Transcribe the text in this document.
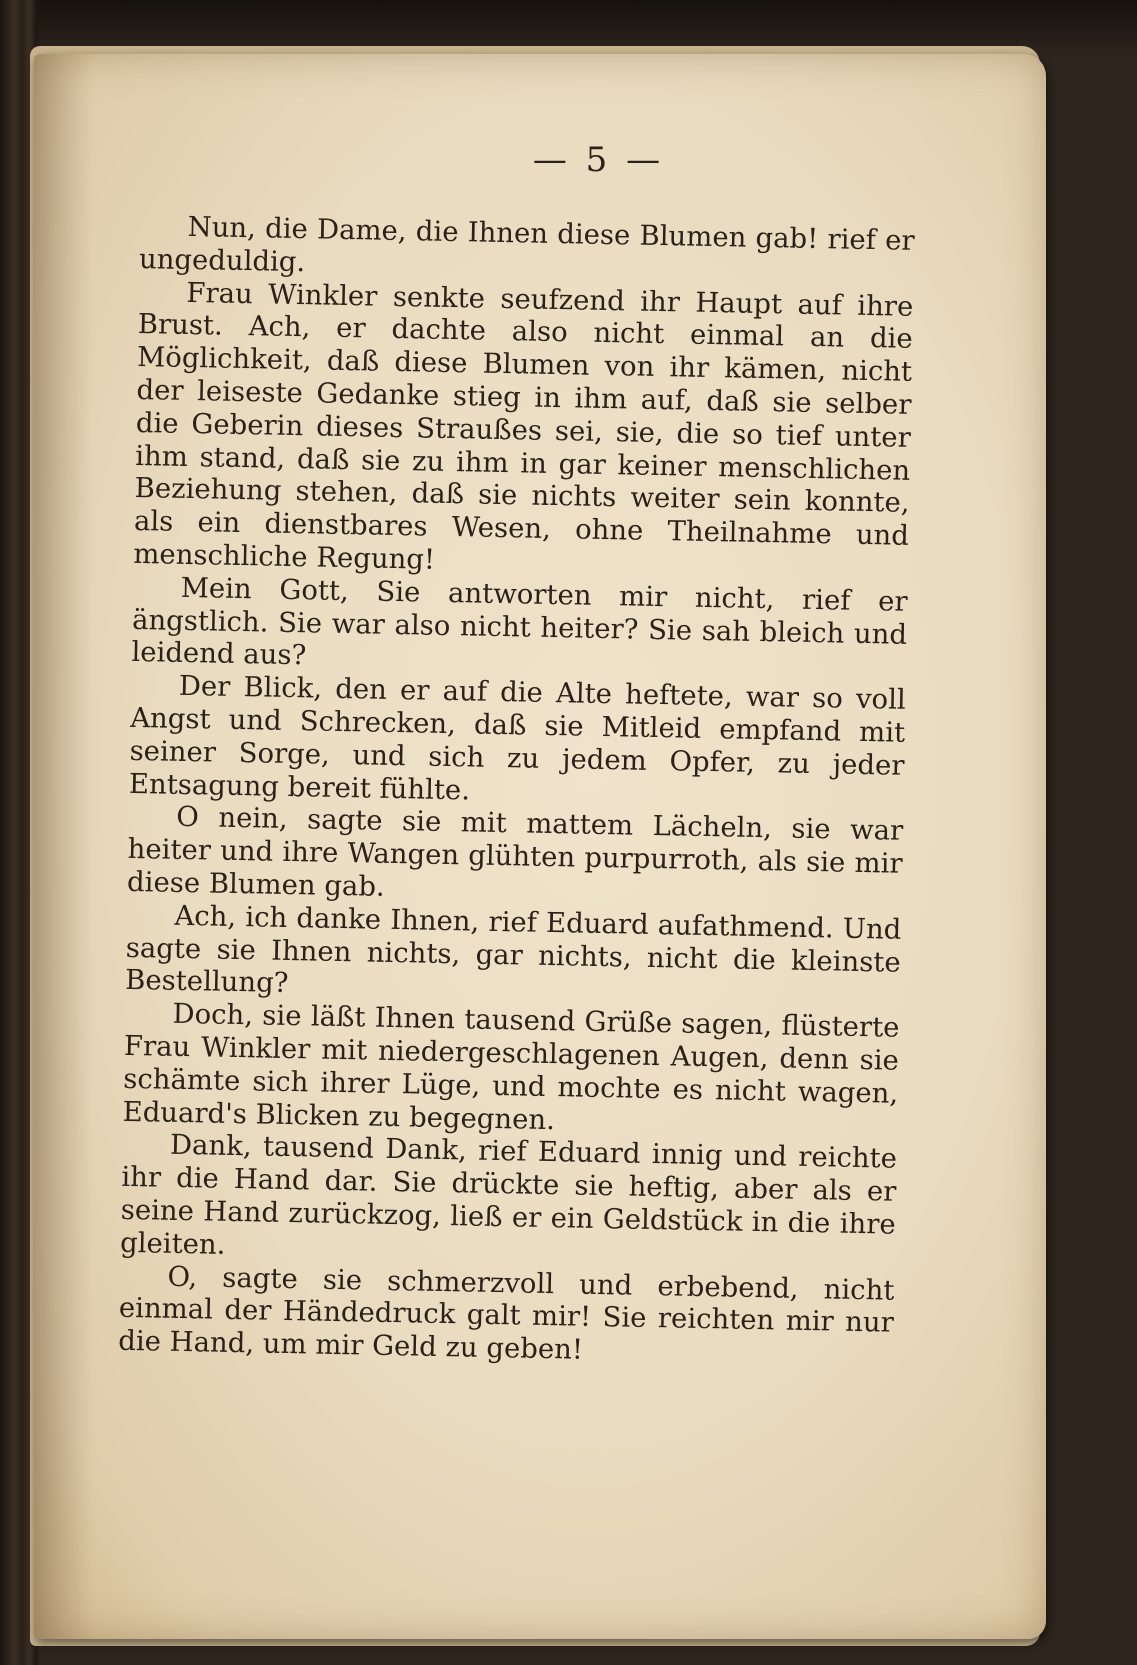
— 5 —

Nun, die Dame, die Ihnen diese Blumen gab! rief er ungeduldig.

Frau Winkler senkte seufzend ihr Haupt auf ihre Brust. Ach, er dachte also nicht einmal an die Möglichkeit, daß diese Blumen von ihr kämen, nicht der leiseste Gedanke stieg in ihm auf, daß sie selber die Geberin dieses Straußes sei, sie, die so tief unter ihm stand, daß sie zu ihm in gar keiner menschlichen Beziehung stehen, daß sie nichts weiter sein konnte, als ein dienstbares Wesen, ohne Theilnahme und menschliche Regung!

Mein Gott, Sie antworten mir nicht, rief er ängstlich. Sie war also nicht heiter? Sie sah bleich und leidend aus?

Der Blick, den er auf die Alte heftete, war so voll Angst und Schrecken, daß sie Mitleid empfand mit seiner Sorge, und sich zu jedem Opfer, zu jeder Entsagung bereit fühlte.

O nein, sagte sie mit mattem Lächeln, sie war heiter und ihre Wangen glühten purpurroth, als sie mir diese Blumen gab.

Ach, ich danke Ihnen, rief Eduard aufathmend. Und sagte sie Ihnen nichts, gar nichts, nicht die kleinste Bestellung?

Doch, sie läßt Ihnen tausend Grüße sagen, flüsterte Frau Winkler mit niedergeschlagenen Augen, denn sie schämte sich ihrer Lüge, und mochte es nicht wagen, Eduard's Blicken zu begegnen.

Dank, tausend Dank, rief Eduard innig und reichte ihr die Hand dar. Sie drückte sie heftig, aber als er seine Hand zurückzog, ließ er ein Geldstück in die ihre gleiten.

O, sagte sie schmerzvoll und erbebend, nicht einmal der Händedruck galt mir! Sie reichten mir nur die Hand, um mir Geld zu geben!
